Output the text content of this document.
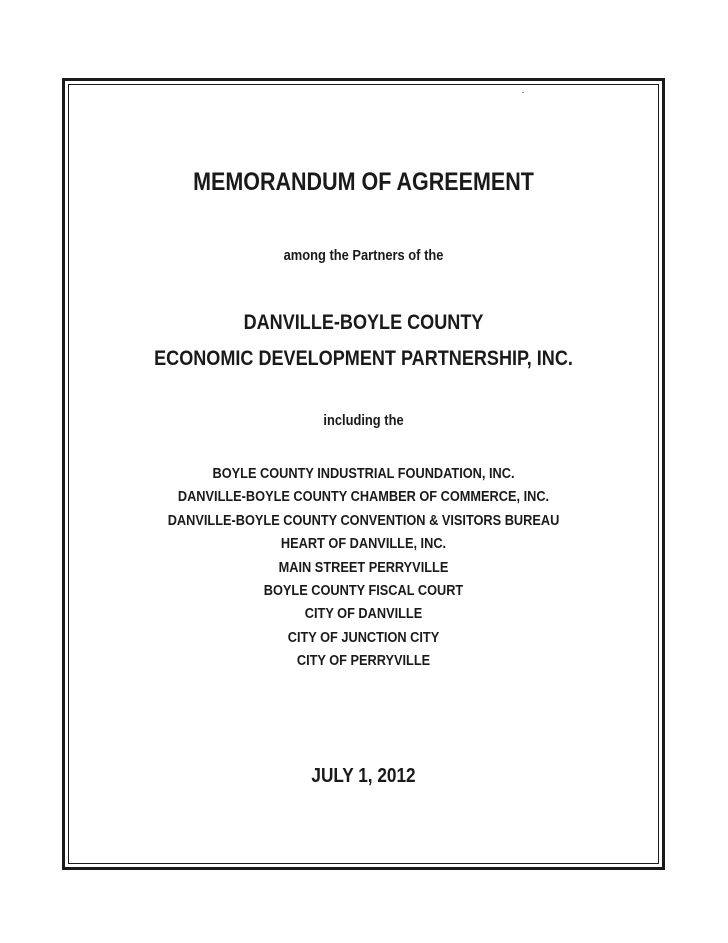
MEMORANDUM OF AGREEMENT
among the Partners of the
DANVILLE-BOYLE COUNTY
ECONOMIC DEVELOPMENT PARTNERSHIP, INC.
including the
BOYLE COUNTY INDUSTRIAL FOUNDATION, INC.
DANVILLE-BOYLE COUNTY CHAMBER OF COMMERCE, INC.
DANVILLE-BOYLE COUNTY CONVENTION & VISITORS BUREAU
HEART OF DANVILLE, INC.
MAIN STREET PERRYVILLE
BOYLE COUNTY FISCAL COURT
CITY OF DANVILLE
CITY OF JUNCTION CITY
CITY OF PERRYVILLE
JULY 1, 2012
